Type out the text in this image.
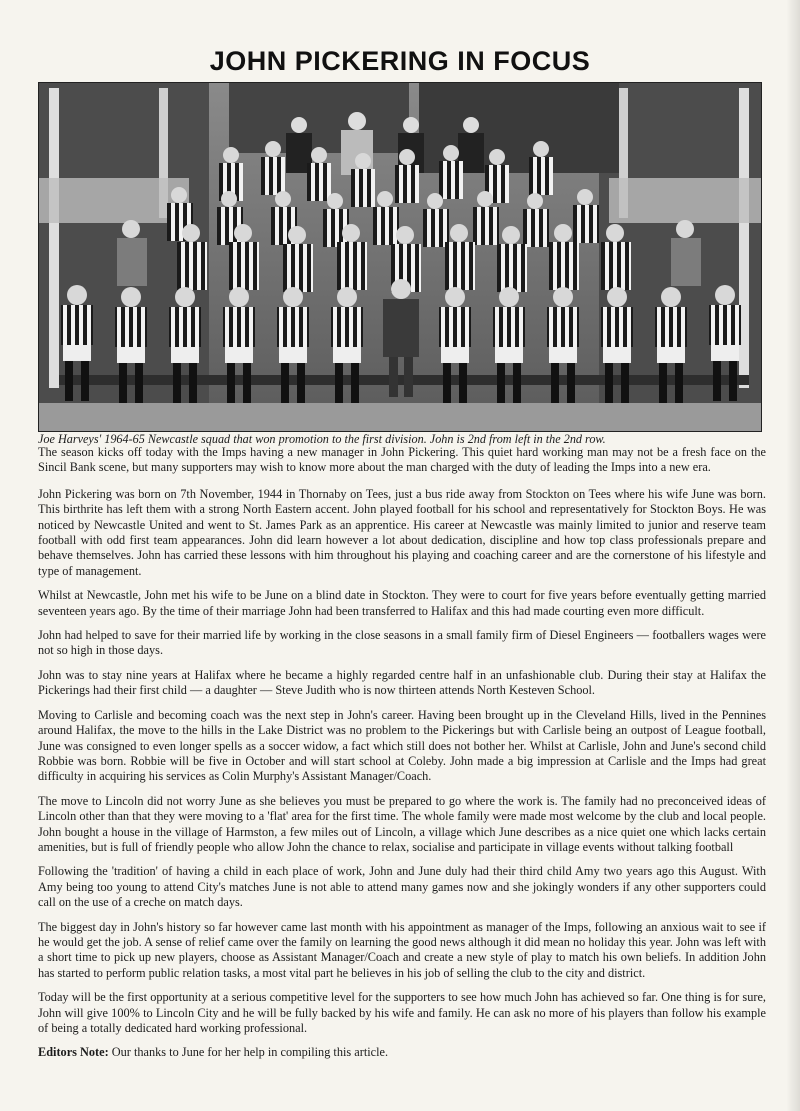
JOHN PICKERING IN FOCUS
Joe Harveys' 1964-65 Newcastle squad that won promotion to the first division. John is 2nd from left in the 2nd row.

The season kicks off today with the Imps having a new manager in John Pickering. This quiet hard working man may not be a fresh face on the Sincil Bank scene, but many supporters may wish to know more about the man charged with the duty of leading the Imps into a new era.

John Pickering was born on 7th November, 1944 in Thornaby on Tees, just a bus ride away from Stockton on Tees where his wife June was born. This birthrite has left them with a strong North Eastern accent. John played football for his school and representatively for Stockton Boys. He was noticed by Newcastle United and went to St. James Park as an apprentice. His career at Newcastle was mainly limited to junior and reserve team football with odd first team appearances. John did learn however a lot about dedication, discipline and how top class professionals prepare and behave themselves. John has carried these lessons with him throughout his playing and coaching career and are the cornerstone of his lifestyle and type of management.

Whilst at Newcastle, John met his wife to be June on a blind date in Stockton. They were to court for five years before eventually getting married seventeen years ago. By the time of their marriage John had been transferred to Halifax and this had made courting even more difficult.

John had helped to save for their married life by working in the close seasons in a small family firm of Diesel Engineers — footballers wages were not so high in those days.

John was to stay nine years at Halifax where he became a highly regarded centre half in an unfashionable club. During their stay at Halifax the Pickerings had their first child — a daughter — Steve Judith who is now thirteen attends North Kesteven School.

Moving to Carlisle and becoming coach was the next step in John's career. Having been brought up in the Cleveland Hills, lived in the Pennines around Halifax, the move to the hills in the Lake District was no problem to the Pickerings but with Carlisle being an outpost of League football, June was consigned to even longer spells as a soccer widow, a fact which still does not bother her. Whilst at Carlisle, John and June's second child Robbie was born. Robbie will be five in October and will start school at Coleby. John made a big impression at Carlisle and the Imps had great difficulty in acquiring his services as Colin Murphy's Assistant Manager/Coach.

The move to Lincoln did not worry June as she believes you must be prepared to go where the work is. The family had no preconceived ideas of Lincoln other than that they were moving to a 'flat' area for the first time. The whole family were made most welcome by the club and local people. John bought a house in the village of Harmston, a few miles out of Lincoln, a village which June describes as a nice quiet one which lacks certain amenities, but is full of friendly people who allow John the chance to relax, socialise and participate in village events without talking football

Following the 'tradition' of having a child in each place of work, John and June duly had their third child Amy two years ago this August. With Amy being too young to attend City's matches June is not able to attend many games now and she jokingly wonders if any other supporters could call on the use of a creche on match days.

The biggest day in John's history so far however came last month with his appointment as manager of the Imps, following an anxious wait to see if he would get the job. A sense of relief came over the family on learning the good news although it did mean no holiday this year. John was left with a short time to pick up new players, choose as Assistant Manager/Coach and create a new style of play to match his own beliefs. In addition John has started to perform public relation tasks, a most vital part he believes in his job of selling the club to the city and district.

Today will be the first opportunity at a serious competitive level for the supporters to see how much John has achieved so far. One thing is for sure, John will give 100% to Lincoln City and he will be fully backed by his wife and family. He can ask no more of his players than follow his example of being a totally dedicated hard working professional.

Editors Note: Our thanks to June for her help in compiling this article.
